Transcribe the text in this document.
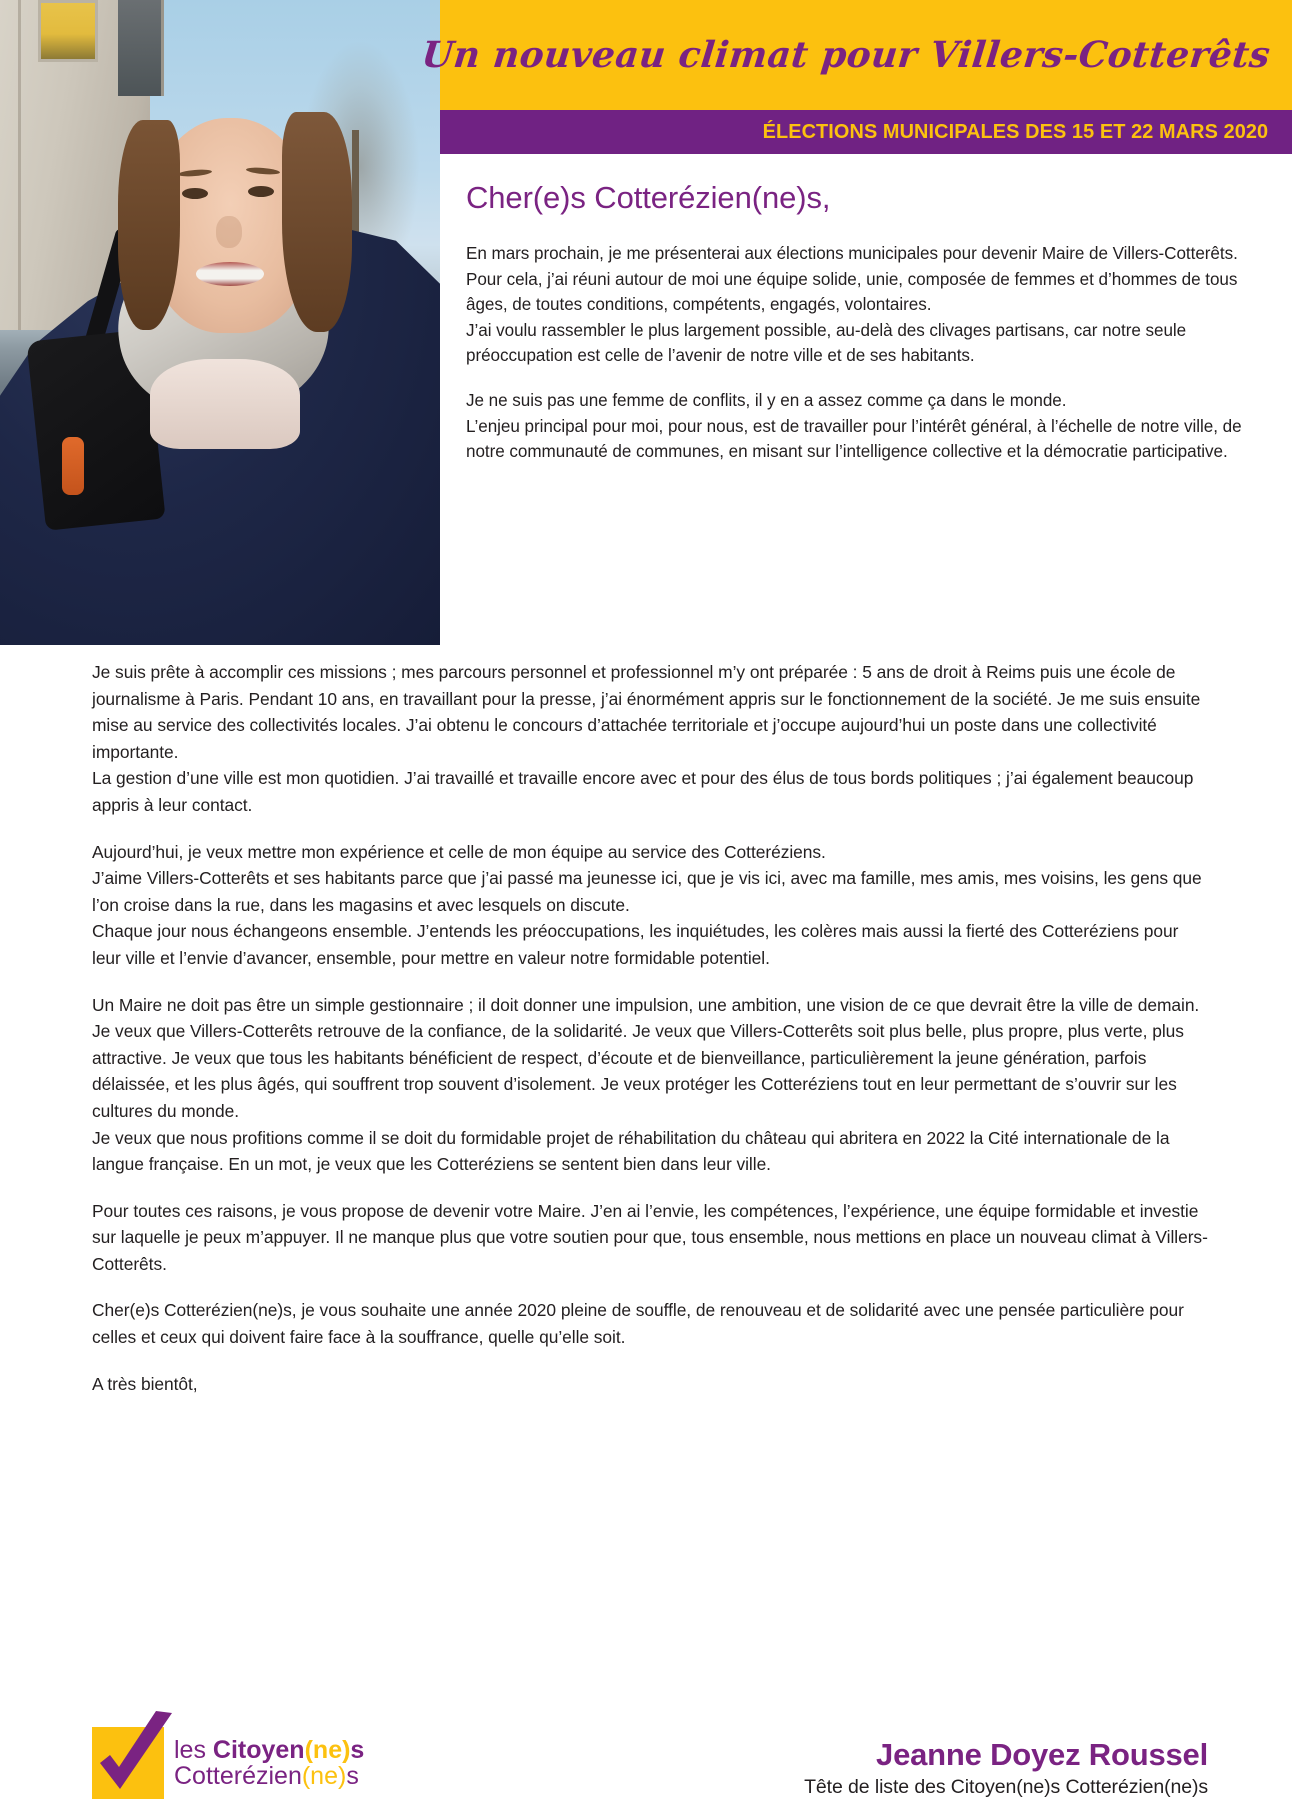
Un nouveau climat pour Villers-Cotterêts
ÉLECTIONS MUNICIPALES DES 15 ET 22 MARS 2020
Cher(e)s Cotterézien(ne)s,

En mars prochain, je me présenterai aux élections municipales pour devenir Maire de Villers-Cotterêts.
Pour cela, j’ai réuni autour de moi une équipe solide, unie, composée de femmes et d’hommes de tous âges, de toutes conditions, compétents, engagés, volontaires.
J’ai voulu rassembler le plus largement possible, au-delà des clivages partisans, car notre seule préoccupation est celle de l’avenir de notre ville et de ses habitants.

Je ne suis pas une femme de conflits, il y en a assez comme ça dans le monde.
L’enjeu principal pour moi, pour nous, est de travailler pour l’intérêt général, à l’échelle de notre ville, de notre communauté de communes, en misant sur l’intelligence collective et la démocratie participative.

Je suis prête à accomplir ces missions ; mes parcours personnel et professionnel m’y ont préparée : 5 ans de droit à Reims puis une école de journalisme à Paris. Pendant 10 ans, en travaillant pour la presse, j’ai énormément appris sur le fonctionnement de la société. Je me suis ensuite mise au service des collectivités locales. J’ai obtenu le concours d’attachée territoriale et j’occupe aujourd’hui un poste dans une collectivité importante.
La gestion d’une ville est mon quotidien. J’ai travaillé et travaille encore avec et pour des élus de tous bords politiques ; j’ai également beaucoup appris à leur contact.

Aujourd’hui, je veux mettre mon expérience et celle de mon équipe au service des Cotteréziens.
J’aime Villers-Cotterêts et ses habitants parce que j’ai passé ma jeunesse ici, que je vis ici, avec ma famille, mes amis, mes voisins, les gens que l’on croise dans la rue, dans les magasins et avec lesquels on discute.
Chaque jour nous échangeons ensemble. J’entends les préoccupations, les inquiétudes, les colères mais aussi la fierté des Cotteréziens pour leur ville et l’envie d’avancer, ensemble, pour mettre en valeur notre formidable potentiel.

Un Maire ne doit pas être un simple gestionnaire ; il doit donner une impulsion, une ambition, une vision de ce que devrait être la ville de demain.
Je veux que Villers-Cotterêts retrouve de la confiance, de la solidarité. Je veux que Villers-Cotterêts soit plus belle, plus propre, plus verte, plus attractive. Je veux que tous les habitants bénéficient de respect, d’écoute et de bienveillance, particulièrement la jeune génération, parfois délaissée, et les plus âgés, qui souffrent trop souvent d’isolement. Je veux protéger les Cotteréziens tout en leur permettant de s’ouvrir sur les cultures du monde.
Je veux que nous profitions comme il se doit du formidable projet de réhabilitation du château qui abritera en 2022 la Cité internationale de la langue française. En un mot, je veux que les Cotteréziens se sentent bien dans leur ville.

Pour toutes ces raisons, je vous propose de devenir votre Maire. J’en ai l’envie, les compétences, l’expérience, une équipe formidable et investie sur laquelle je peux m’appuyer. Il ne manque plus que votre soutien pour que, tous ensemble, nous mettions en place un nouveau climat à Villers-Cotterêts.

Cher(e)s Cotterézien(ne)s, je vous souhaite une année 2020 pleine de souffle, de renouveau et de solidarité avec une pensée particulière pour celles et ceux qui doivent faire face à la souffrance, quelle qu’elle soit.

A très bientôt,

les Citoyen(ne)s
Cotterézien(ne)s
Jeanne Doyez Roussel
Tête de liste des Citoyen(ne)s Cotterézien(ne)s
